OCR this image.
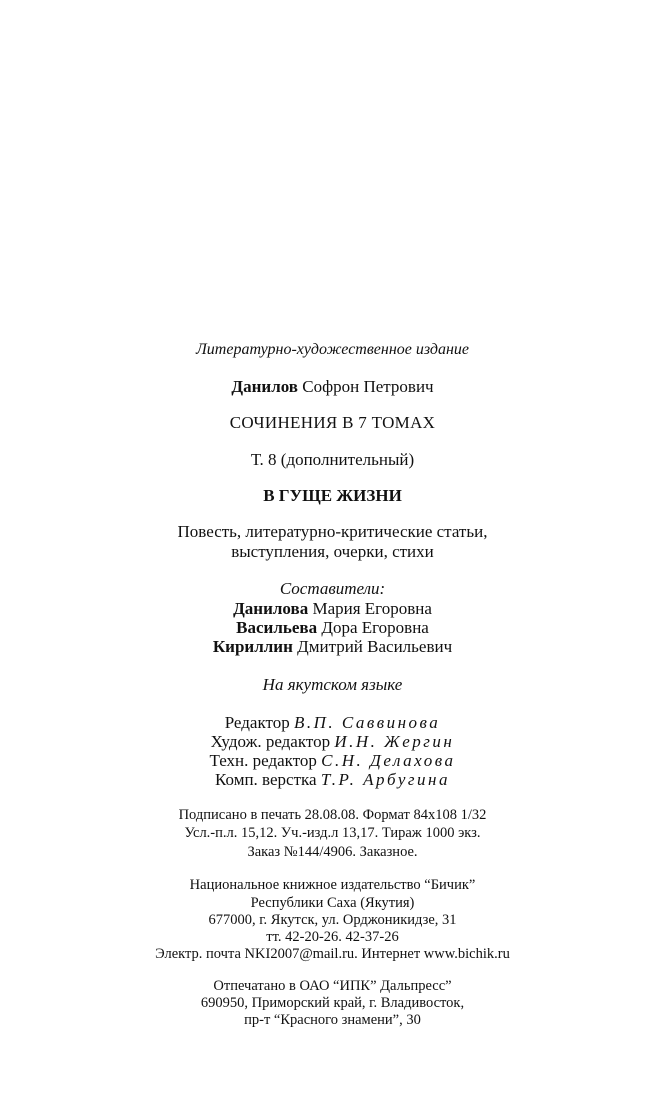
Литературно-художественное издание
Данилов Софрон Петрович
СОЧИНЕНИЯ В 7 ТОМАХ
Т. 8 (дополнительный)
В ГУЩЕ ЖИЗНИ
Повесть, литературно-критические статьи,
выступления, очерки, стихи
Составители:
Данилова Мария Егоровна
Васильева Дора Егоровна
Кириллин Дмитрий Васильевич
На якутском языке
Редактор В.П. Саввинова
Худож. редактор И.Н. Жергин
Техн. редактор С.Н. Делахова
Комп. верстка Т.Р. Арбугина
Подписано в печать 28.08.08. Формат 84x108 1/32
Усл.-п.л. 15,12. Уч.-изд.л 13,17. Тираж 1000 экз.
Заказ №144/4906. Заказное.
Национальное книжное издательство “Бичик”
Республики Саха (Якутия)
677000, г. Якутск, ул. Орджоникидзе, 31
тт. 42-20-26. 42-37-26
Электр. почта NKI2007@mail.ru. Интернет www.bichik.ru
Отпечатано в ОАО “ИПК” Дальпресс”
690950, Приморский край, г. Владивосток,
пр-т “Красного знамени”, 30
